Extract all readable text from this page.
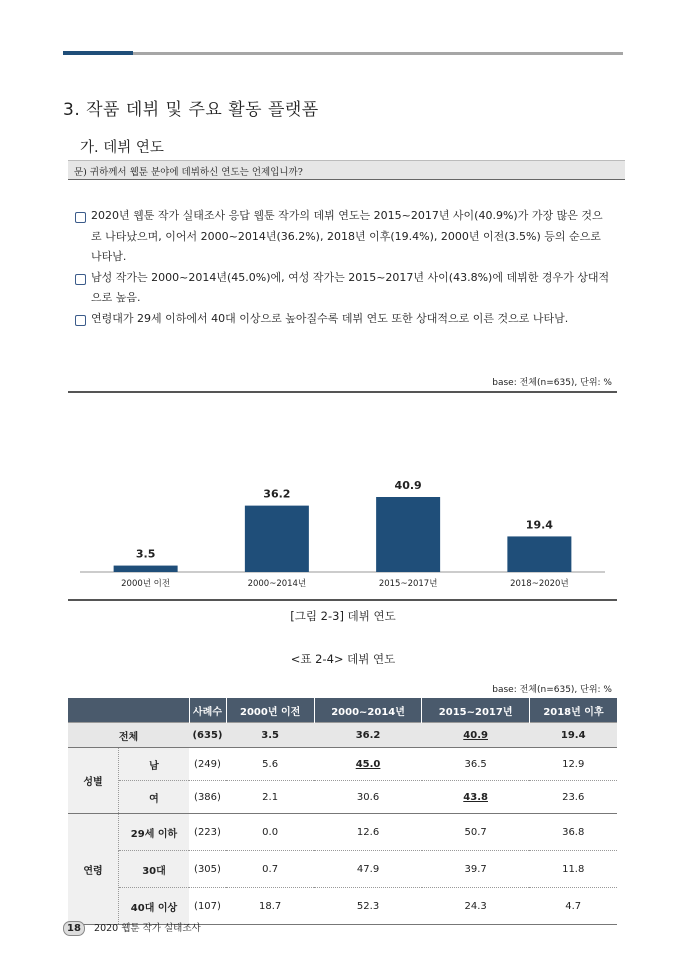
3. 작품 데뷔 및 주요 활동 플랫폼
가. 데뷔 연도
문) 귀하께서 웹툰 분야에 데뷔하신 연도는 언제입니까?
2020년 웹툰 작가 실태조사 응답 웹툰 작가의 데뷔 연도는 2015~2017년 사이(40.9%)가 가장 많은 것으로 나타났으며, 이어서 2000~2014년(36.2%), 2018년 이후(19.4%), 2000년 이전(3.5%) 등의 순으로 나타남.
남성 작가는 2000~2014년(45.0%)에, 여성 작가는 2015~2017년 사이(43.8%)에 데뷔한 경우가 상대적으로 높음.
연령대가 29세 이하에서 40대 이상으로 높아질수록 데뷔 연도 또한 상대적으로 이른 것으로 나타남.
base: 전체(n=635), 단위: %
3.5
2000년 이전
36.2
2000~2014년
40.9
2015~2017년
19.4
2018~2020년
[그림 2-3] 데뷔 연도
<표 2-4> 데뷔 연도
base: 전체(n=635), 단위: %
		사례수	2000년 이전	2000~2014년	2015~2017년	2018년 이후
전체		(635)	3.5	36.2	40.9	19.4
성별	남	(249)	5.6	45.0	36.5	12.9
	여	(386)	2.1	30.6	43.8	23.6
연령	29세 이하	(223)	0.0	12.6	50.7	36.8
	30대	(305)	0.7	47.9	39.7	11.8
	40대 이상	(107)	18.7	52.3	24.3	4.7
18 2020 웹툰 작가 실태조사
